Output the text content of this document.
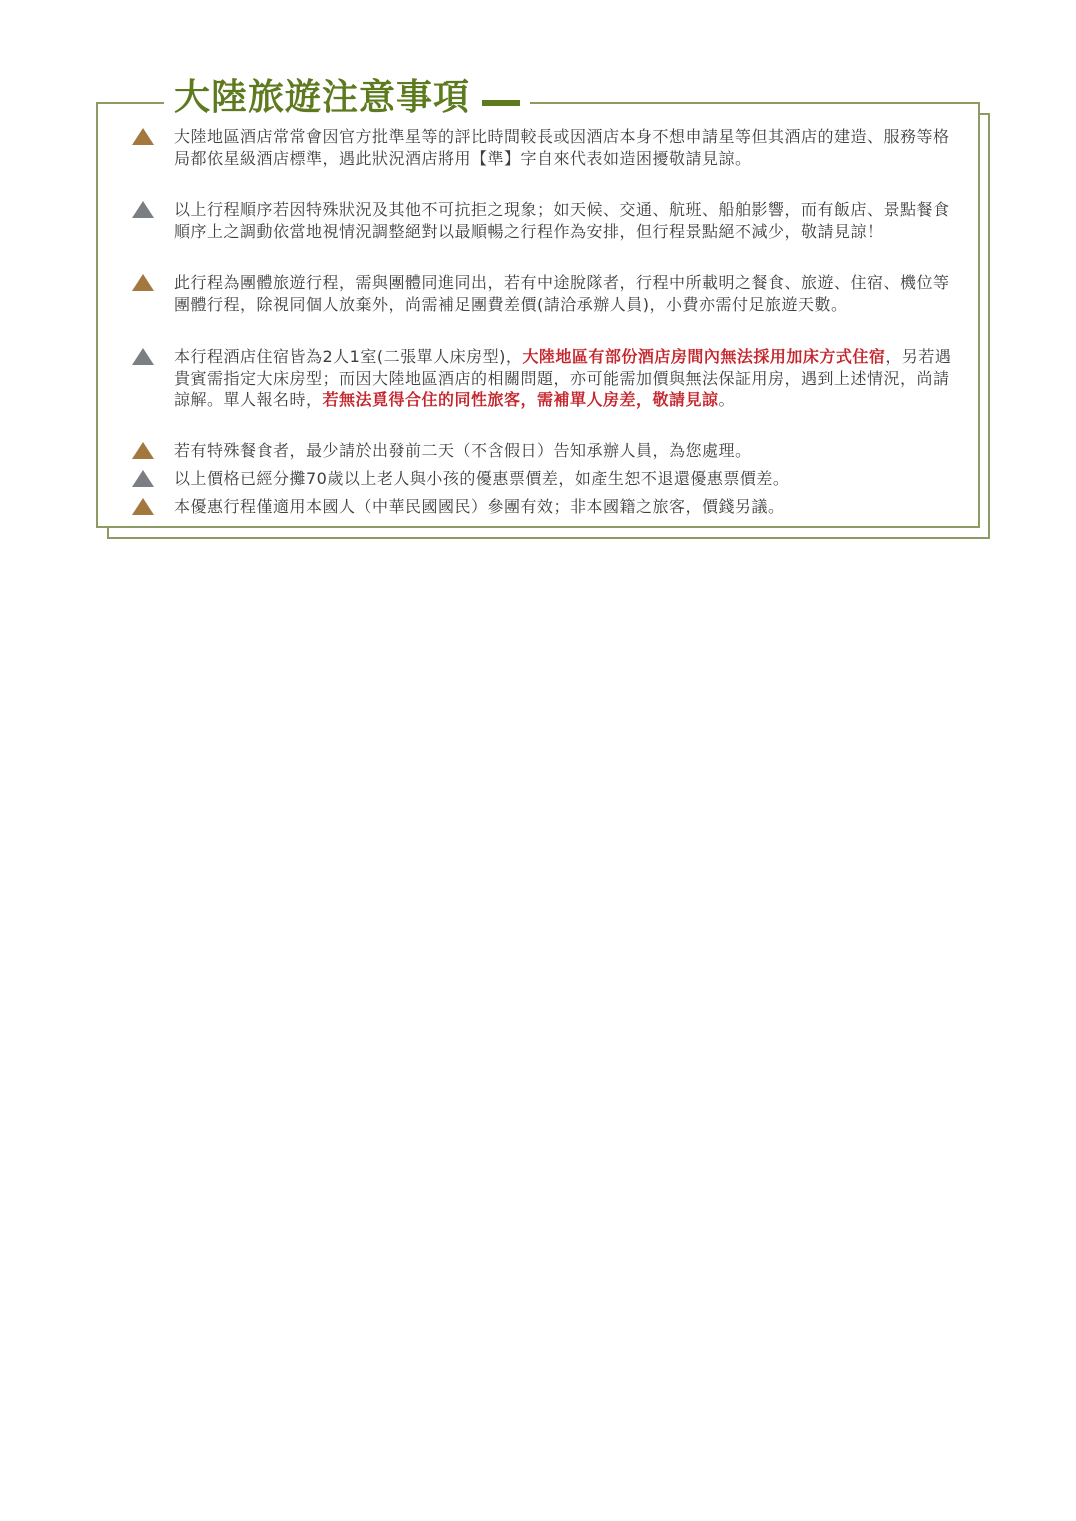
大陸旅遊注意事項
大陸地區酒店常常會因官方批準星等的評比時間較長或因酒店本身不想申請星等但其酒店的建造、服務等格局都依星級酒店標準，遇此狀況酒店將用【準】字自來代表如造困擾敬請見諒。
以上行程順序若因特殊狀況及其他不可抗拒之現象；如天候、交通、航班、船舶影響，而有飯店、景點餐食順序上之調動依當地視情況調整絕對以最順暢之行程作為安排，但行程景點絕不減少，敬請見諒！
此行程為團體旅遊行程，需與團體同進同出，若有中途脫隊者，行程中所載明之餐食、旅遊、住宿、機位等團體行程，除視同個人放棄外，尚需補足團費差價(請洽承辦人員)，小費亦需付足旅遊天數。
本行程酒店住宿皆為2人1室(二張單人床房型)，大陸地區有部份酒店房間內無法採用加床方式住宿，另若遇貴賓需指定大床房型；而因大陸地區酒店的相關問題，亦可能需加價與無法保証用房，遇到上述情況，尚請諒解。單人報名時，若無法覓得合住的同性旅客，需補單人房差，敬請見諒。
若有特殊餐食者，最少請於出發前二天（不含假日）告知承辦人員，為您處理。
以上價格已經分攤70歲以上老人與小孩的優惠票價差，如產生恕不退還優惠票價差。
本優惠行程僅適用本國人（中華民國國民）參團有效；非本國籍之旅客，價錢另議。
